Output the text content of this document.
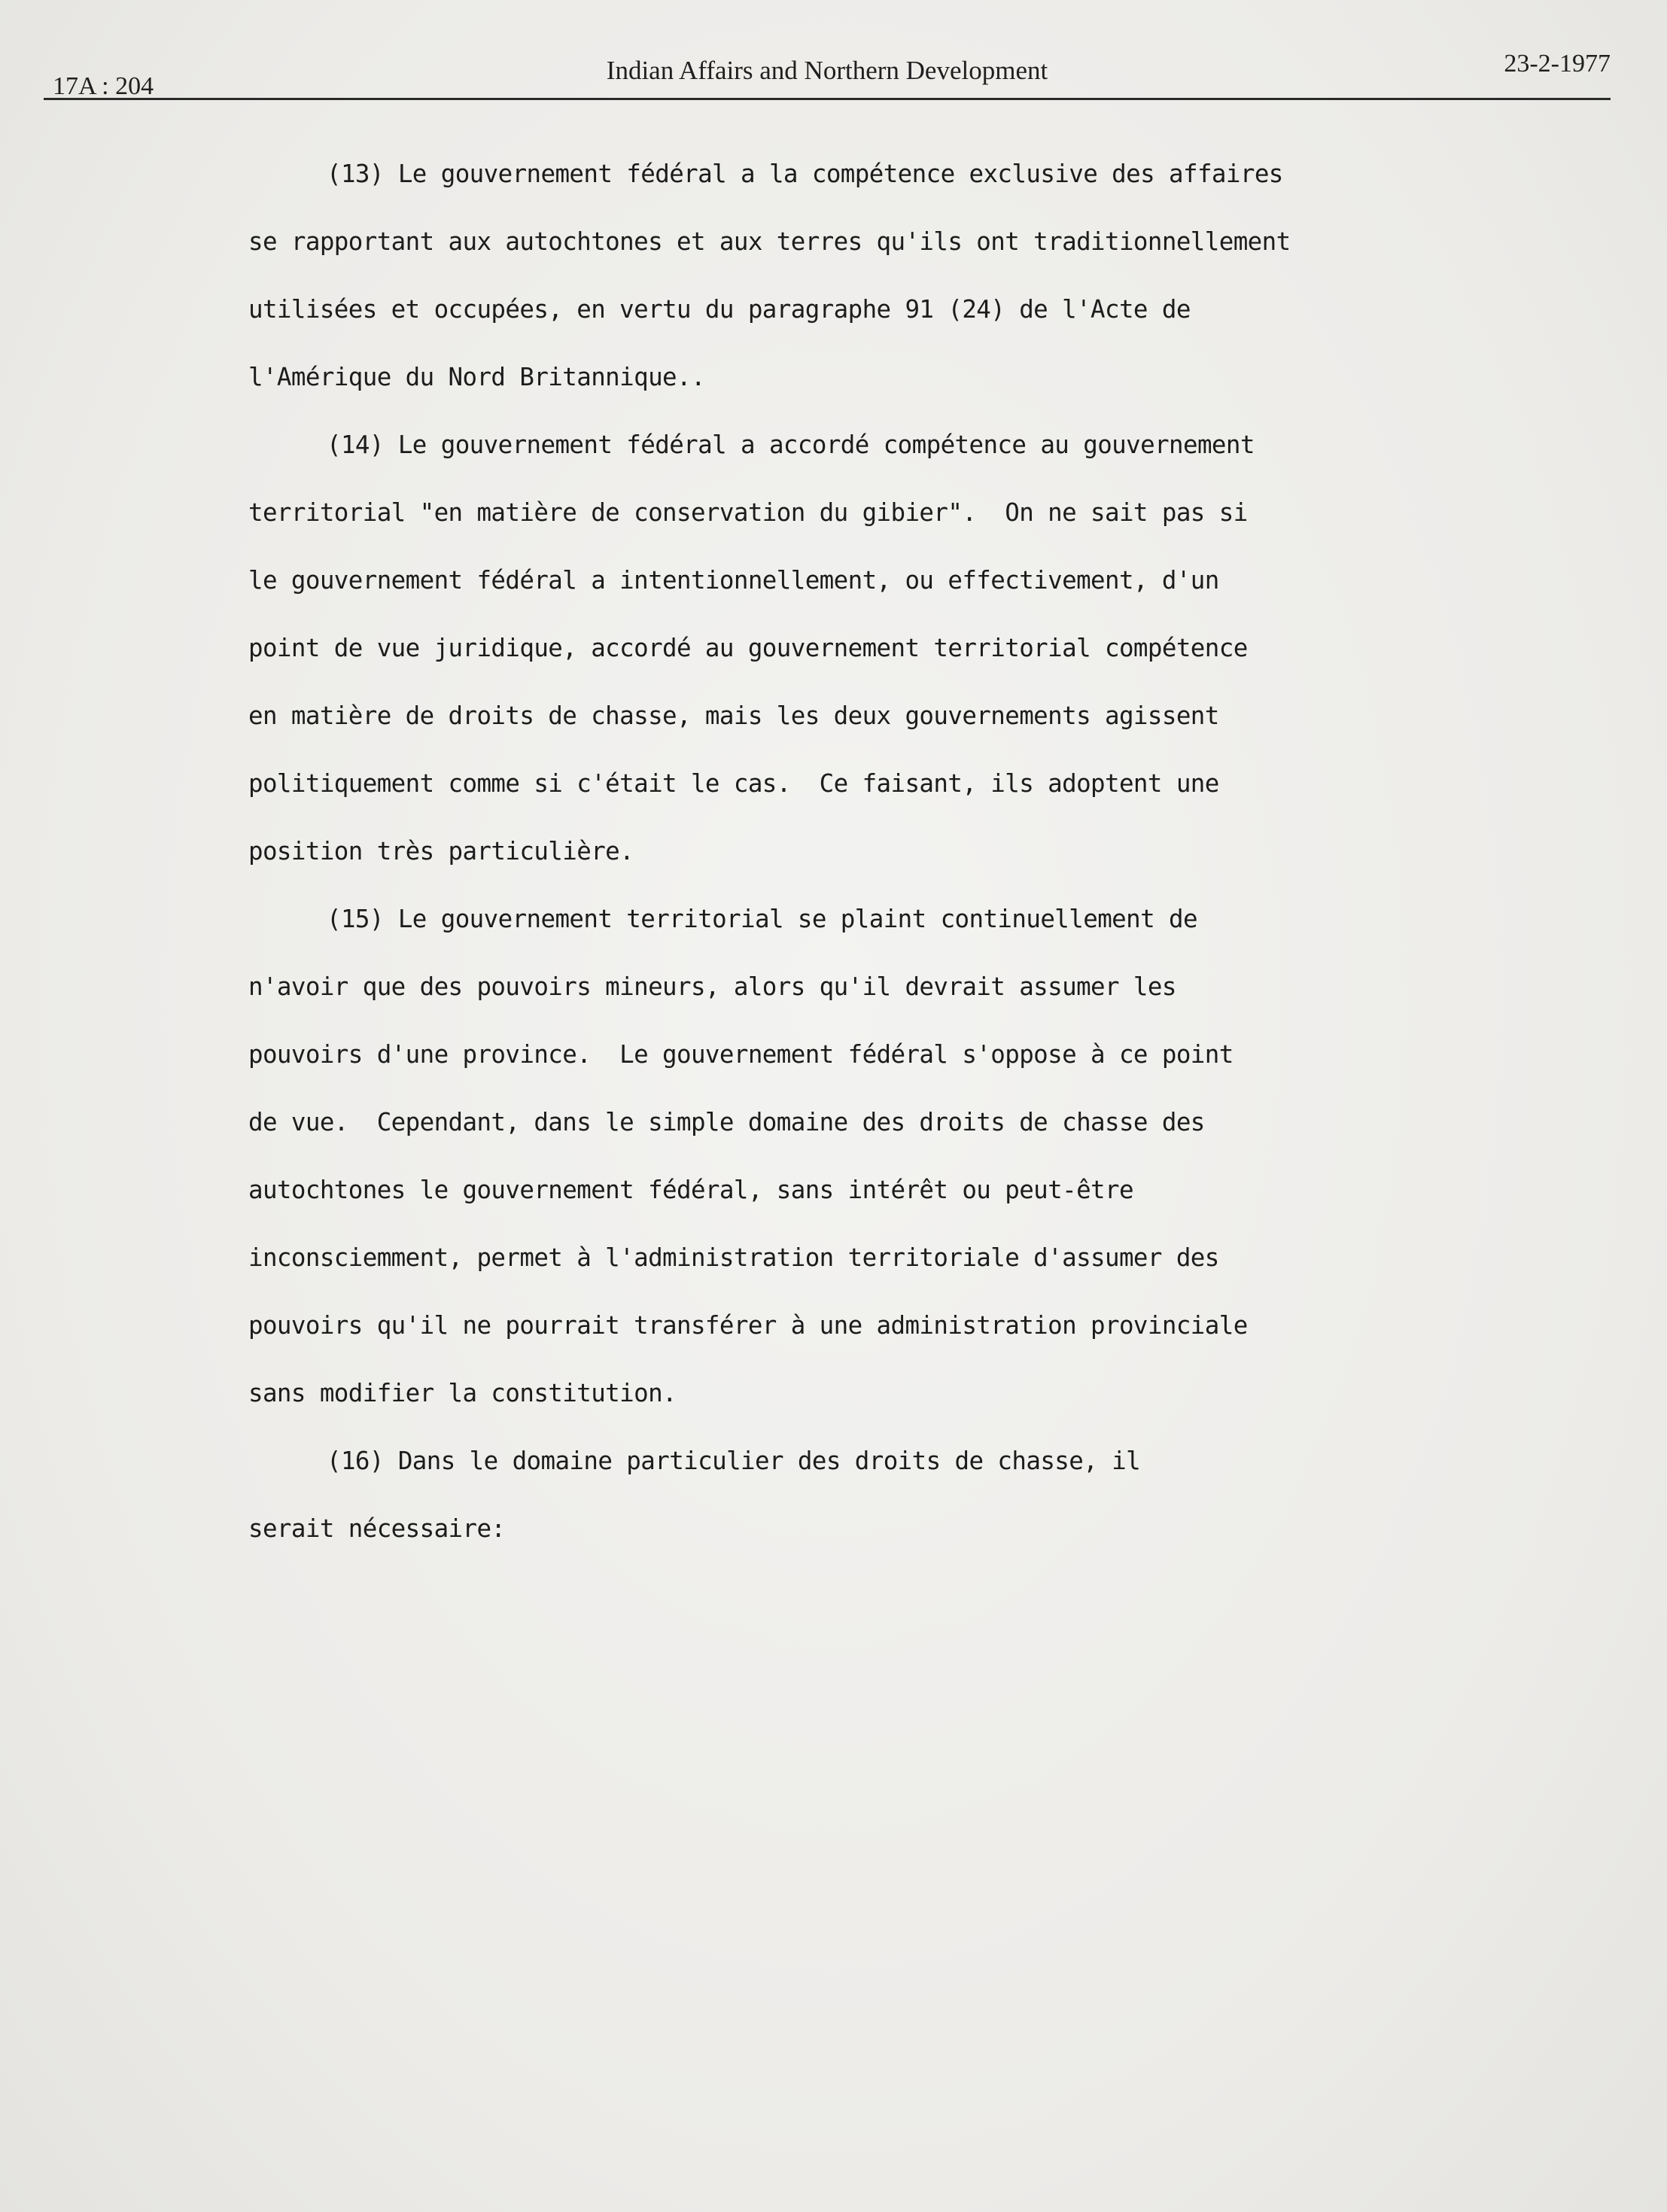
17A : 204
Indian Affairs and Northern Development	23-2-1977
(13) Le gouvernement fédéral a la compétence exclusive des affaires
se rapportant aux autochtones et aux terres qu'ils ont traditionnellement
utilisées et occupées, en vertu du paragraphe 91 (24) de l'Acte de
l'Amérique du Nord Britannique..
(14) Le gouvernement fédéral a accordé compétence au gouvernement
territorial "en matière de conservation du gibier".  On ne sait pas si
le gouvernement fédéral a intentionnellement, ou effectivement, d'un
point de vue juridique, accordé au gouvernement territorial compétence
en matière de droits de chasse, mais les deux gouvernements agissent
politiquement comme si c'était le cas.  Ce faisant, ils adoptent une
position très particulière.
(15) Le gouvernement territorial se plaint continuellement de
n'avoir que des pouvoirs mineurs, alors qu'il devrait assumer les
pouvoirs d'une province.  Le gouvernement fédéral s'oppose à ce point
de vue.  Cependant, dans le simple domaine des droits de chasse des
autochtones le gouvernement fédéral, sans intérêt ou peut-être
inconsciemment, permet à l'administration territoriale d'assumer des
pouvoirs qu'il ne pourrait transférer à une administration provinciale
sans modifier la constitution.
(16) Dans le domaine particulier des droits de chasse, il
serait nécessaire:
